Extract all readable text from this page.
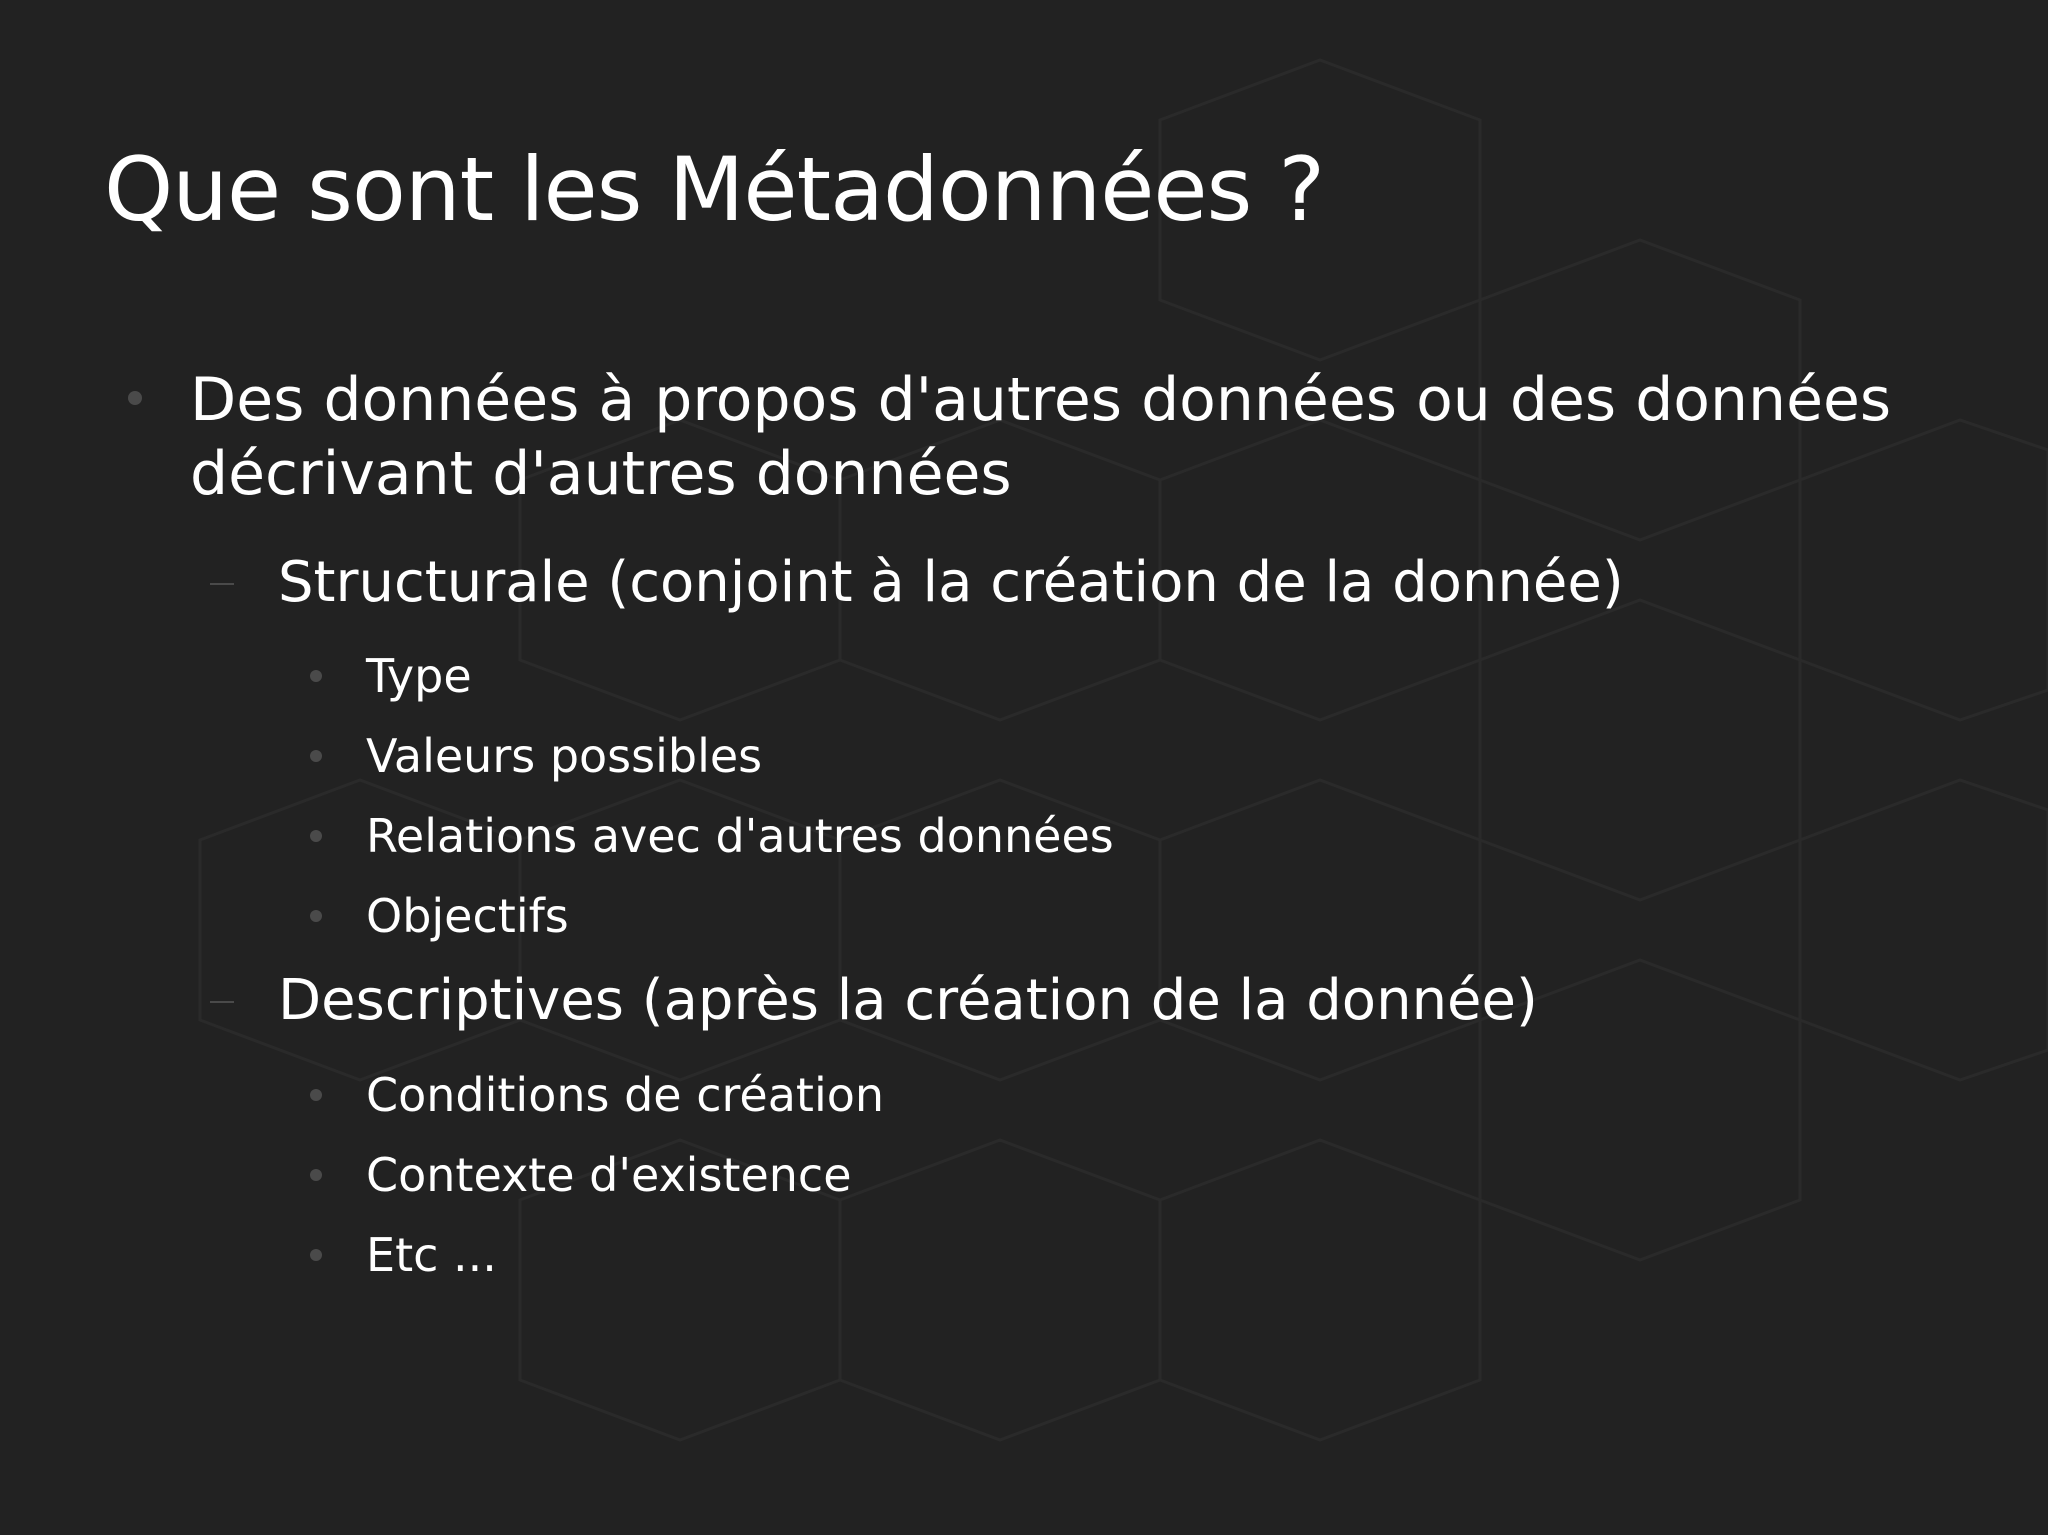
Que sont les Métadonnées ?
Des données à propos d'autres données ou des données
décrivant d'autres données
Structurale (conjoint à la création de la donnée)
Type
Valeurs possibles
Relations avec d'autres données
Objectifs
Descriptives (après la création de la donnée)
Conditions de création
Contexte d'existence
Etc ...
